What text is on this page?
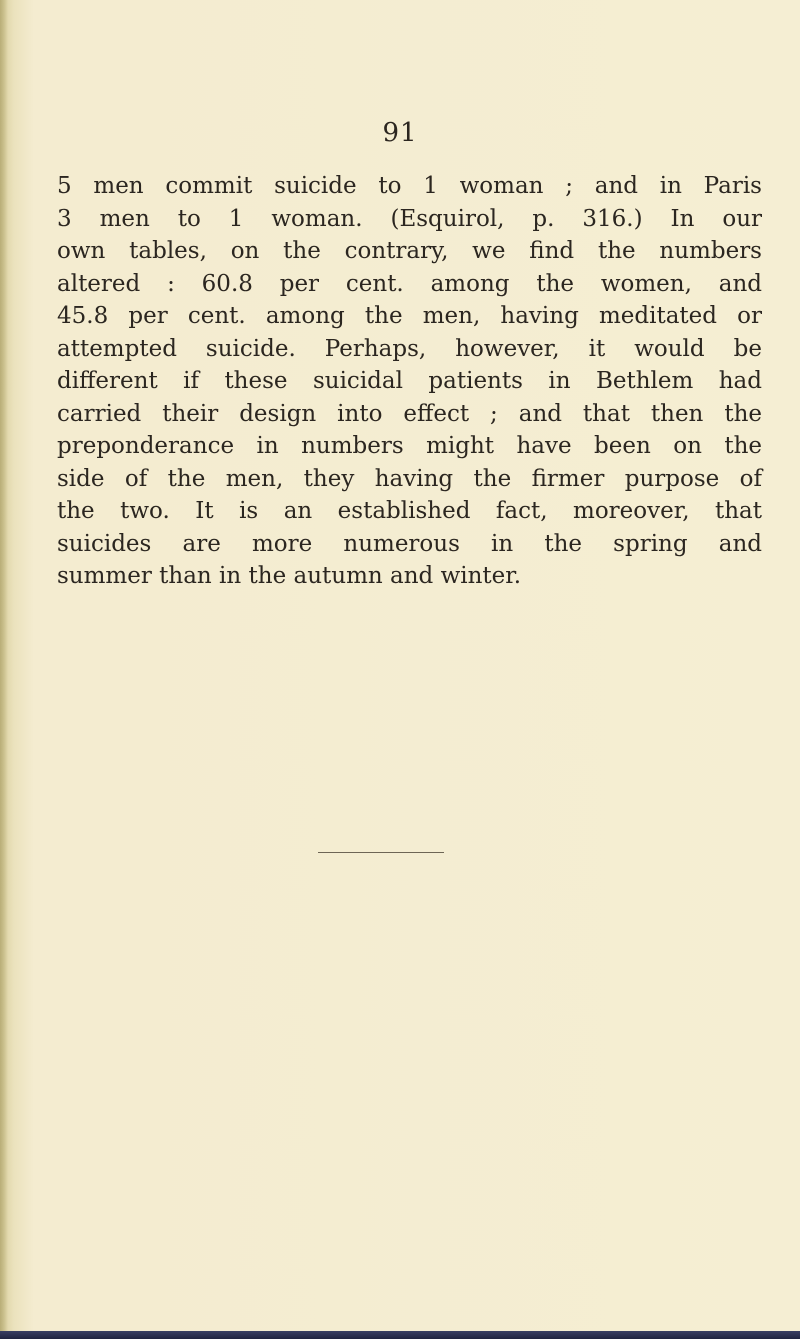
91
5 men commit suicide to 1 woman ; and in Paris
3 men to 1 woman. (Esquirol, p. 316.) In our
own tables, on the contrary, we find the numbers
altered : 60.8 per cent. among the women, and
45.8 per cent. among the men, having meditated or
attempted suicide. Perhaps, however, it would be
different if these suicidal patients in Bethlem had
carried their design into effect ; and that then the
preponderance in numbers might have been on the
side of the men, they having the firmer purpose of
the two. It is an established fact, moreover, that
suicides are more numerous in the spring and
summer than in the autumn and winter.
